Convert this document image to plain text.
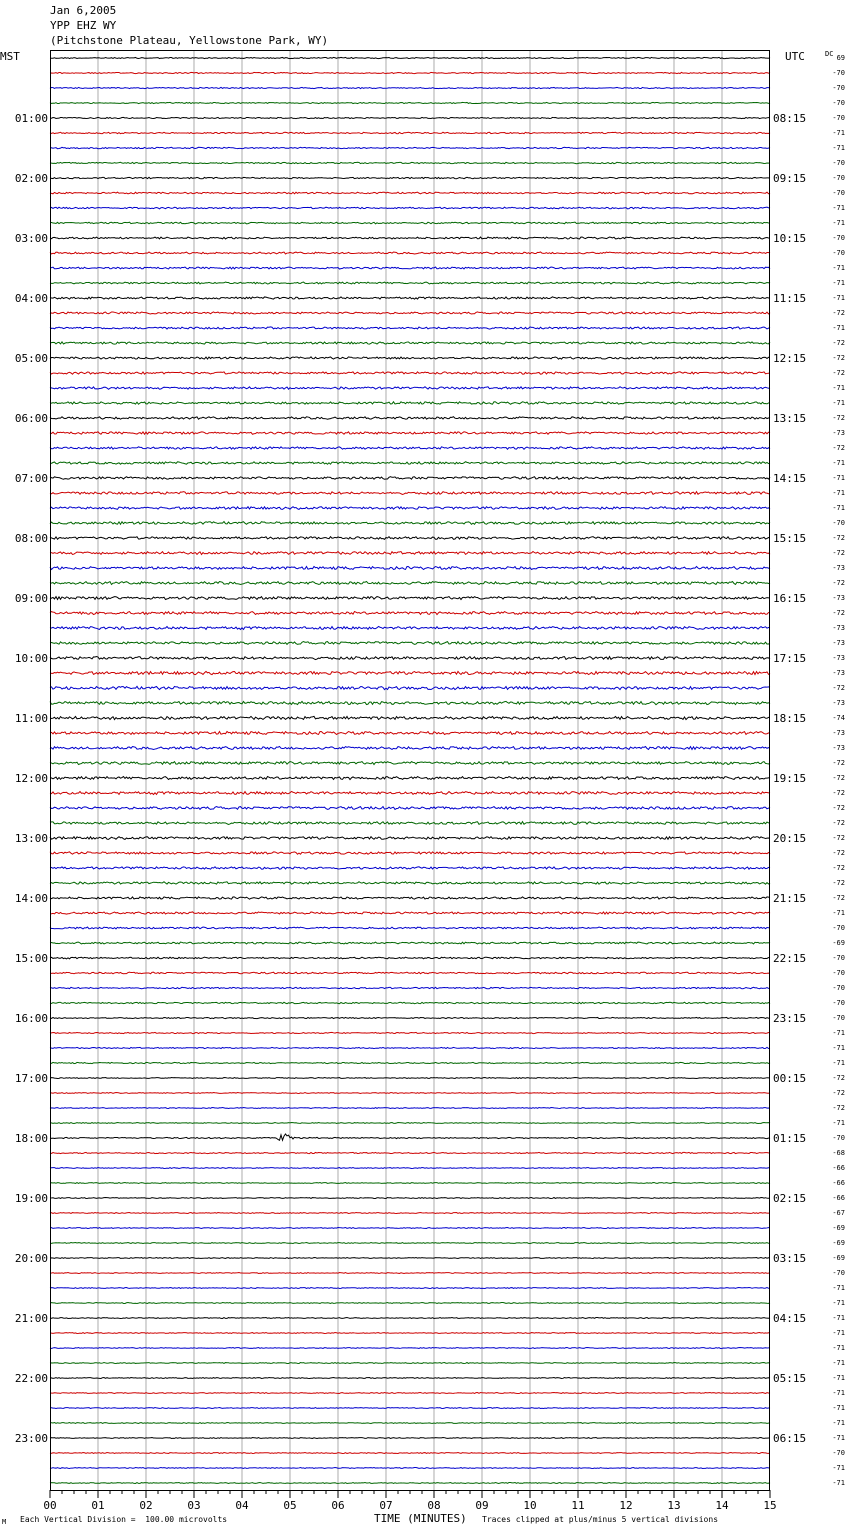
Jan 6,2005
YPP EHZ WY
(Pitchstone Plateau, Yellowstone Park, WY)
MST	UTC	DC
00	01	02	03	04	05	06	07	08	09	10	11	12	13	14	15
69
-70
-70
-70
-70
-71
-71
-70
-70
-70
-71
-71
-70
-70
-71
-71
-71
-72
-71
-72
-72
-72
-71
-71
-72
-73
-72
-71
-71
-71
-71
-70
-72
-72
-73
-72
-73
-72
-73
-73
-73
-73
-72
-73
-74
-73
-73
-72
-72
-72
-72
-72
-72
-72
-72
-72
-72
-71
-70
-69
-70
-70
-70
-70
-70
-71
-71
-71
-72
-72
-72
-71
-70
-68
-66
-66
-66
-67
-69
-69
-69
-70
-71
-71
-71
-71
-71
-71
-71
-71
-71
-71
-71
-70
-71
-71
01:00
02:00
03:00
04:00
05:00
06:00
07:00
08:00
09:00
10:00
11:00
12:00
13:00
14:00
15:00
16:00
17:00
18:00
19:00
20:00
21:00
22:00
23:00
08:15
09:15
10:15
11:15
12:15
13:15
14:15
15:15
16:15
17:15
18:15
19:15
20:15
21:15
22:15
23:15
00:15
01:15
02:15
03:15
04:15
05:15
06:15
M Each Vertical Division =  100.00 microvolts	TIME (MINUTES) Traces clipped at plus/minus 5 vertical divisions
